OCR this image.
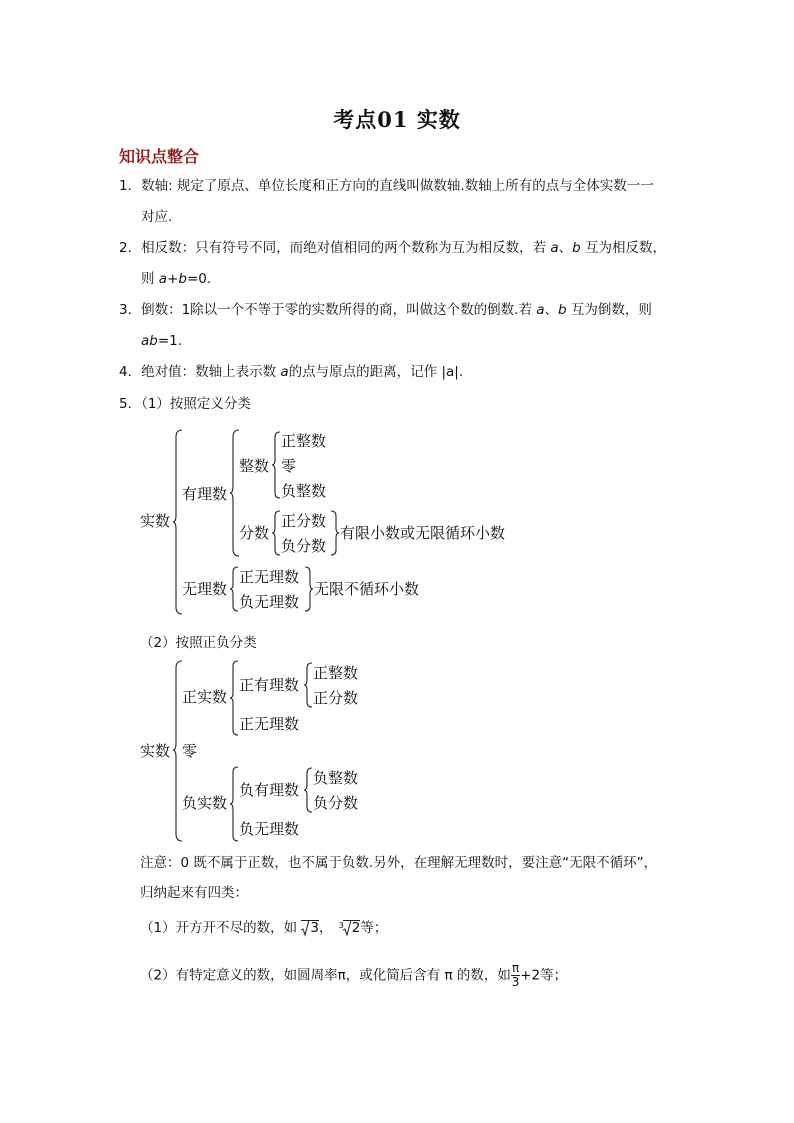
考点01 实数
知识点整合
1．数轴: 规定了原点、单位长度和正方向的直线叫做数轴.数轴上所有的点与全体实数一一
对应.
2．相反数：只有符号不同，而绝对值相同的两个数称为互为相反数，若 a、b 互为相反数，
则 a+b=0.
3．倒数：1除以一个不等于零的实数所得的商，叫做这个数的倒数.若 a、b 互为倒数，则
ab=1.
4．绝对值：数轴上表示数 a的点与原点的距离，记作 |a|.
5．（1）按照定义分类
实数
有理数
整数
正整数
零
负整数
分数
正分数
负分数
有限小数或无限循环小数
无理数
正无理数
负无理数
无限不循环小数
（2）按照正负分类
实数
正实数
正有理数
正整数
正分数
正无理数
零
负实数
负有理数
负整数
负分数
负无理数
注意：0 既不属于正数，也不属于负数.另外，在理解无理数时，要注意“无限不循环”，
归纳起来有四类：
（1）开方开不尽的数，如 3， 3 2等；
（2）有特定意义的数，如圆周率π，或化简后含有 π 的数，如 $\frac{\pi}{3} +2$等；
